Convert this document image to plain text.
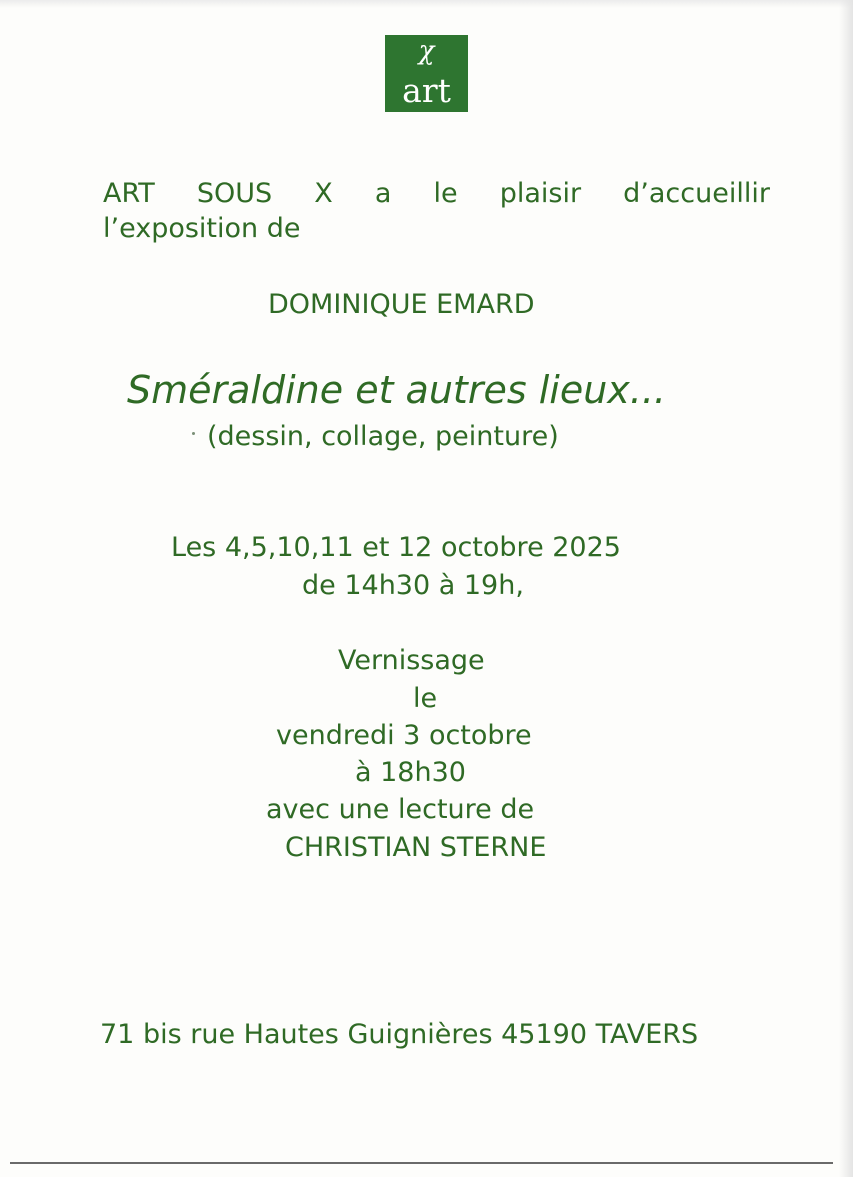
χ
art
ART SOUS X a le plaisir d’accueillir
l’exposition de
DOMINIQUE EMARD
Sméraldine et autres lieux...
(dessin, collage, peinture)
Les 4,5,10,11 et 12 octobre 2025
de 14h30 à 19h,
Vernissage
le
vendredi 3 octobre
à 18h30
avec une lecture de
CHRISTIAN STERNE
71 bis rue Hautes Guignières 45190 TAVERS
